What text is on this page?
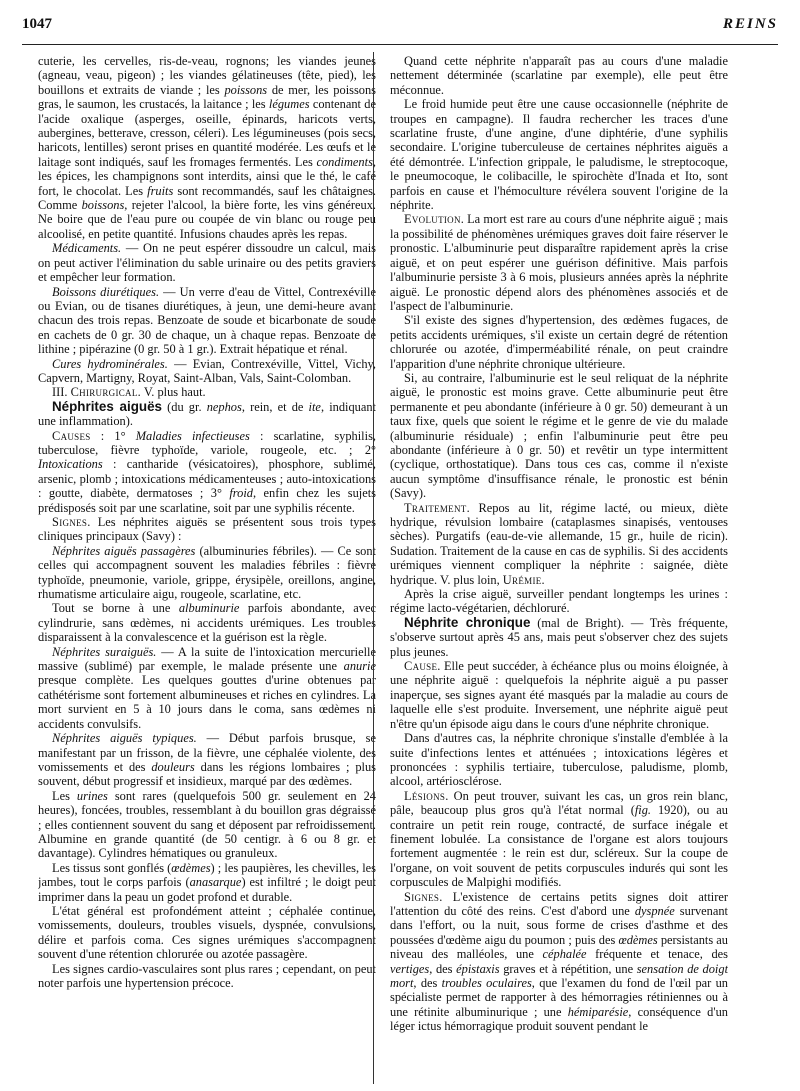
1047	REINS

cuterie, les cervelles, ris-de-veau, rognons; les viandes jeunes (agneau, veau, pigeon) ; les viandes gélatineuses (tête, pied), les bouillons et extraits de viande ; les poissons de mer, les poissons gras, le saumon, les crustacés, la laitance ; les légumes contenant de l'acide oxalique (asperges, oseille, épinards, haricots verts, aubergines, betterave, cresson, céleri). Les légumineuses (pois secs, haricots, lentilles) seront prises en quantité modérée. Les œufs et le laitage sont indiqués, sauf les fromages fermentés. Les condiments, les épices, les champignons sont interdits, ainsi que le thé, le café fort, le chocolat. Les fruits sont recommandés, sauf les châtaignes. Comme boissons, rejeter l'alcool, la bière forte, les vins généreux. Ne boire que de l'eau pure ou coupée de vin blanc ou rouge peu alcoolisé, en petite quantité. Infusions chaudes après les repas.

Médicaments. — On ne peut espérer dissoudre un calcul, mais on peut activer l'élimination du sable urinaire ou des petits graviers et empêcher leur formation.

Boissons diurétiques. — Un verre d'eau de Vittel, Contrexéville ou Evian, ou de tisanes diurétiques, à jeun, une demi-heure avant chacun des trois repas. Benzoate de soude et bicarbonate de soude en cachets de 0 gr. 30 de chaque, un à chaque repas. Benzoate de lithine ; pipérazine (0 gr. 50 à 1 gr.). Extrait hépatique et rénal.

Cures hydrominérales. — Evian, Contrexéville, Vittel, Vichy, Capvern, Martigny, Royat, Saint-Alban, Vals, Saint-Colomban.

III. Chirurgical. V. plus haut.

Néphrites aiguës (du gr. nephos, rein, et de ite, indiquant une inflammation).

Causes : 1° Maladies infectieuses : scarlatine, syphilis, tuberculose, fièvre typhoïde, variole, rougeole, etc. ; 2° Intoxications : cantharide (vésicatoires), phosphore, sublimé, arsenic, plomb ; intoxications médicamenteuses ; auto-intoxications : goutte, diabète, dermatoses ; 3° froid, enfin chez les sujets prédisposés soit par une scarlatine, soit par une syphilis récente.

Signes. Les néphrites aiguës se présentent sous trois types cliniques principaux (Savy) :

Néphrites aiguës passagères (albuminuries fébriles). — Ce sont celles qui accompagnent souvent les maladies fébriles : fièvre typhoïde, pneumonie, variole, grippe, érysipèle, oreillons, angine, rhumatisme articulaire aigu, rougeole, scarlatine, etc.

Tout se borne à une albuminurie parfois abondante, avec cylindrurie, sans œdèmes, ni accidents urémiques. Les troubles disparaissent à la convalescence et la guérison est la règle.

Néphrites suraiguës. — A la suite de l'intoxication mercurielle massive (sublimé) par exemple, le malade présente une anurie presque complète. Les quelques gouttes d'urine obtenues par cathétérisme sont fortement albumineuses et riches en cylindres. La mort survient en 5 à 10 jours dans le coma, sans œdèmes ni accidents convulsifs.

Néphrites aiguës typiques. — Début parfois brusque, se manifestant par un frisson, de la fièvre, une céphalée violente, des vomissements et des douleurs dans les régions lombaires ; plus souvent, début progressif et insidieux, marqué par des œdèmes.

Les urines sont rares (quelquefois 500 gr. seulement en 24 heures), foncées, troubles, ressemblant à du bouillon gras dégraissé ; elles contiennent souvent du sang et déposent par refroidissement. Albumine en grande quantité (de 50 centigr. à 6 ou 8 gr. et davantage). Cylindres hématiques ou granuleux.

Les tissus sont gonflés (œdèmes) ; les paupières, les chevilles, les jambes, tout le corps parfois (anasarque) est infiltré ; le doigt peut imprimer dans la peau un godet profond et durable.

L'état général est profondément atteint ; céphalée continue, vomissements, douleurs, troubles visuels, dyspnée, convulsions, délire et parfois coma. Ces signes urémiques s'accompagnent souvent d'une rétention chlorurée ou azotée passagère.

Les signes cardio-vasculaires sont plus rares ; cependant, on peut noter parfois une hypertension précoce.

Quand cette néphrite n'apparaît pas au cours d'une maladie nettement déterminée (scarlatine par exemple), elle peut être méconnue.

Le froid humide peut être une cause occasionnelle (néphrite de troupes en campagne). Il faudra rechercher les traces d'une scarlatine fruste, d'une angine, d'une diphtérie, d'une syphilis secondaire. L'origine tuberculeuse de certaines néphrites aiguës a été démontrée. L'infection grippale, le paludisme, le streptocoque, le pneumocoque, le colibacille, le spirochète d'Inada et Ito, sont parfois en cause et l'hémoculture révélera souvent l'origine de la néphrite.

Evolution. La mort est rare au cours d'une néphrite aiguë ; mais la possibilité de phénomènes urémiques graves doit faire réserver le pronostic. L'albuminurie peut disparaître rapidement après la crise aiguë, et on peut espérer une guérison définitive. Mais parfois l'albuminurie persiste 3 à 6 mois, plusieurs années après la néphrite aiguë. Le pronostic dépend alors des phénomènes associés et de l'aspect de l'albuminurie.

S'il existe des signes d'hypertension, des œdèmes fugaces, de petits accidents urémiques, s'il existe un certain degré de rétention chlorurée ou azotée, d'imperméabilité rénale, on peut craindre l'apparition d'une néphrite chronique ultérieure.

Si, au contraire, l'albuminurie est le seul reliquat de la néphrite aiguë, le pronostic est moins grave. Cette albuminurie peut être permanente et peu abondante (inférieure à 0 gr. 50) demeurant à un taux fixe, quels que soient le régime et le genre de vie du malade (albuminurie résiduale) ; enfin l'albuminurie peut être peu abondante (inférieure à 0 gr. 50) et revêtir un type intermittent (cyclique, orthostatique). Dans tous ces cas, comme il n'existe aucun symptôme d'insuffisance rénale, le pronostic est bénin (Savy).

Traitement. Repos au lit, régime lacté, ou mieux, diète hydrique, révulsion lombaire (cataplasmes sinapisés, ventouses sèches). Purgatifs (eau-de-vie allemande, 15 gr., huile de ricin). Sudation. Traitement de la cause en cas de syphilis. Si des accidents urémiques viennent compliquer la néphrite : saignée, diète hydrique. V. plus loin, Urémie.

Après la crise aiguë, surveiller pendant longtemps les urines : régime lacto-végétarien, déchloruré.

Néphrite chronique (mal de Bright). — Très fréquente, s'observe surtout après 45 ans, mais peut s'observer chez des sujets plus jeunes.

Cause. Elle peut succéder, à échéance plus ou moins éloignée, à une néphrite aiguë : quelquefois la néphrite aiguë a pu passer inaperçue, ses signes ayant été masqués par la maladie au cours de laquelle elle s'est produite. Inversement, une néphrite aiguë peut n'être qu'un épisode aigu dans le cours d'une néphrite chronique.

Dans d'autres cas, la néphrite chronique s'installe d'emblée à la suite d'infections lentes et atténuées ; intoxications légères et prononcées : syphilis tertiaire, tuberculose, paludisme, plomb, alcool, artériosclérose.

Lésions. On peut trouver, suivant les cas, un gros rein blanc, pâle, beaucoup plus gros qu'à l'état normal (fig. 1920), ou au contraire un petit rein rouge, contracté, de surface inégale et finement lobulée. La consistance de l'organe est alors toujours fortement augmentée : le rein est dur, scléreux. Sur la coupe de l'organe, on voit souvent de petits corpuscules indurés qui sont les corpuscules de Malpighi modifiés.

Signes. L'existence de certains petits signes doit attirer l'attention du côté des reins. C'est d'abord une dyspnée survenant dans l'effort, ou la nuit, sous forme de crises d'asthme et des poussées d'œdème aigu du poumon ; puis des œdèmes persistants au niveau des malléoles, une céphalée fréquente et tenace, des vertiges, des épistaxis graves et à répétition, une sensation de doigt mort, des troubles oculaires, que l'examen du fond de l'œil par un spécialiste permet de rapporter à des hémorragies rétiniennes ou à une rétinite albuminurique ; une hémiparésie, conséquence d'un léger ictus hémorragique produit souvent pendant le
